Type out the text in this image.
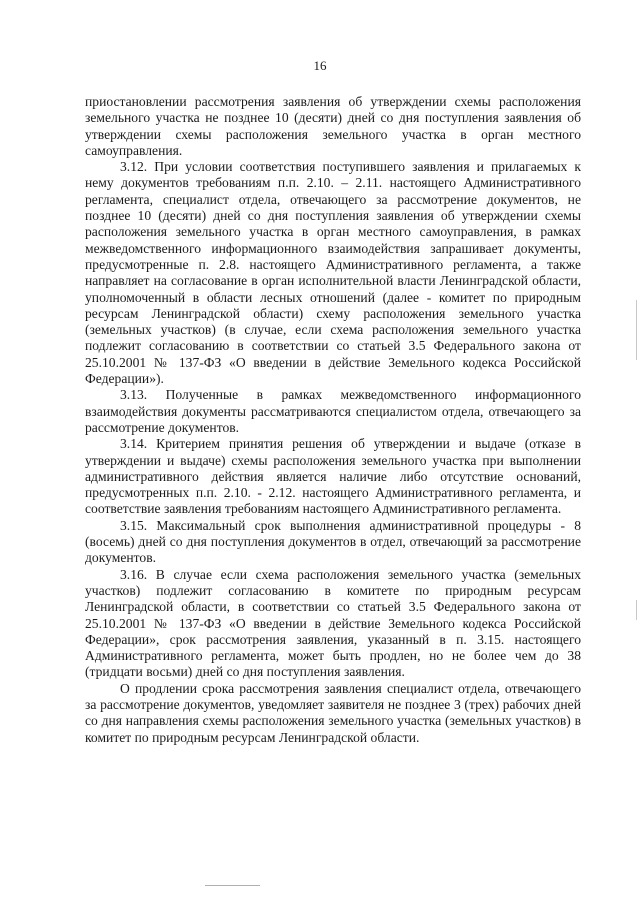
16

приостановлении рассмотрения заявления об утверждении схемы расположения земельного участка не позднее 10 (десяти) дней со дня поступления заявления об утверждении схемы расположения земельного участка в орган местного самоуправления.

3.12. При условии соответствия поступившего заявления и прилагаемых к нему документов требованиям п.п. 2.10. – 2.11. настоящего Административного регламента, специалист отдела, отвечающего за рассмотрение документов, не позднее 10 (десяти) дней со дня поступления заявления об утверждении схемы расположения земельного участка в орган местного самоуправления, в рамках межведомственного информационного взаимодействия запрашивает документы, предусмотренные п. 2.8. настоящего Административного регламента, а также направляет на согласование в орган исполнительной власти Ленинградской области, уполномоченный в области лесных отношений (далее - комитет по природным ресурсам Ленинградской области) схему расположения земельного участка (земельных участков) (в случае, если схема расположения земельного участка подлежит согласованию в соответствии со статьей 3.5 Федерального закона от 25.10.2001 № 137-ФЗ «О введении в действие Земельного кодекса Российской Федерации»).

3.13. Полученные в рамках межведомственного информационного взаимодействия документы рассматриваются специалистом отдела, отвечающего за рассмотрение документов.

3.14. Критерием принятия решения об утверждении и выдаче (отказе в утверждении и выдаче) схемы расположения земельного участка при выполнении административного действия является наличие либо отсутствие оснований, предусмотренных п.п. 2.10. - 2.12. настоящего Административного регламента, и соответствие заявления требованиям настоящего Административного регламента.

3.15. Максимальный срок выполнения административной процедуры - 8 (восемь) дней со дня поступления документов в отдел, отвечающий за рассмотрение документов.

3.16. В случае если схема расположения земельного участка (земельных участков) подлежит согласованию в комитете по природным ресурсам Ленинградской области, в соответствии со статьей 3.5 Федерального закона от 25.10.2001 № 137-ФЗ «О введении в действие Земельного кодекса Российской Федерации», срок рассмотрения заявления, указанный в п. 3.15. настоящего Административного регламента, может быть продлен, но не более чем до 38 (тридцати восьми) дней со дня поступления заявления.

О продлении срока рассмотрения заявления специалист отдела, отвечающего за рассмотрение документов, уведомляет заявителя не позднее 3 (трех) рабочих дней со дня направления схемы расположения земельного участка (земельных участков) в комитет по природным ресурсам Ленинградской области.
